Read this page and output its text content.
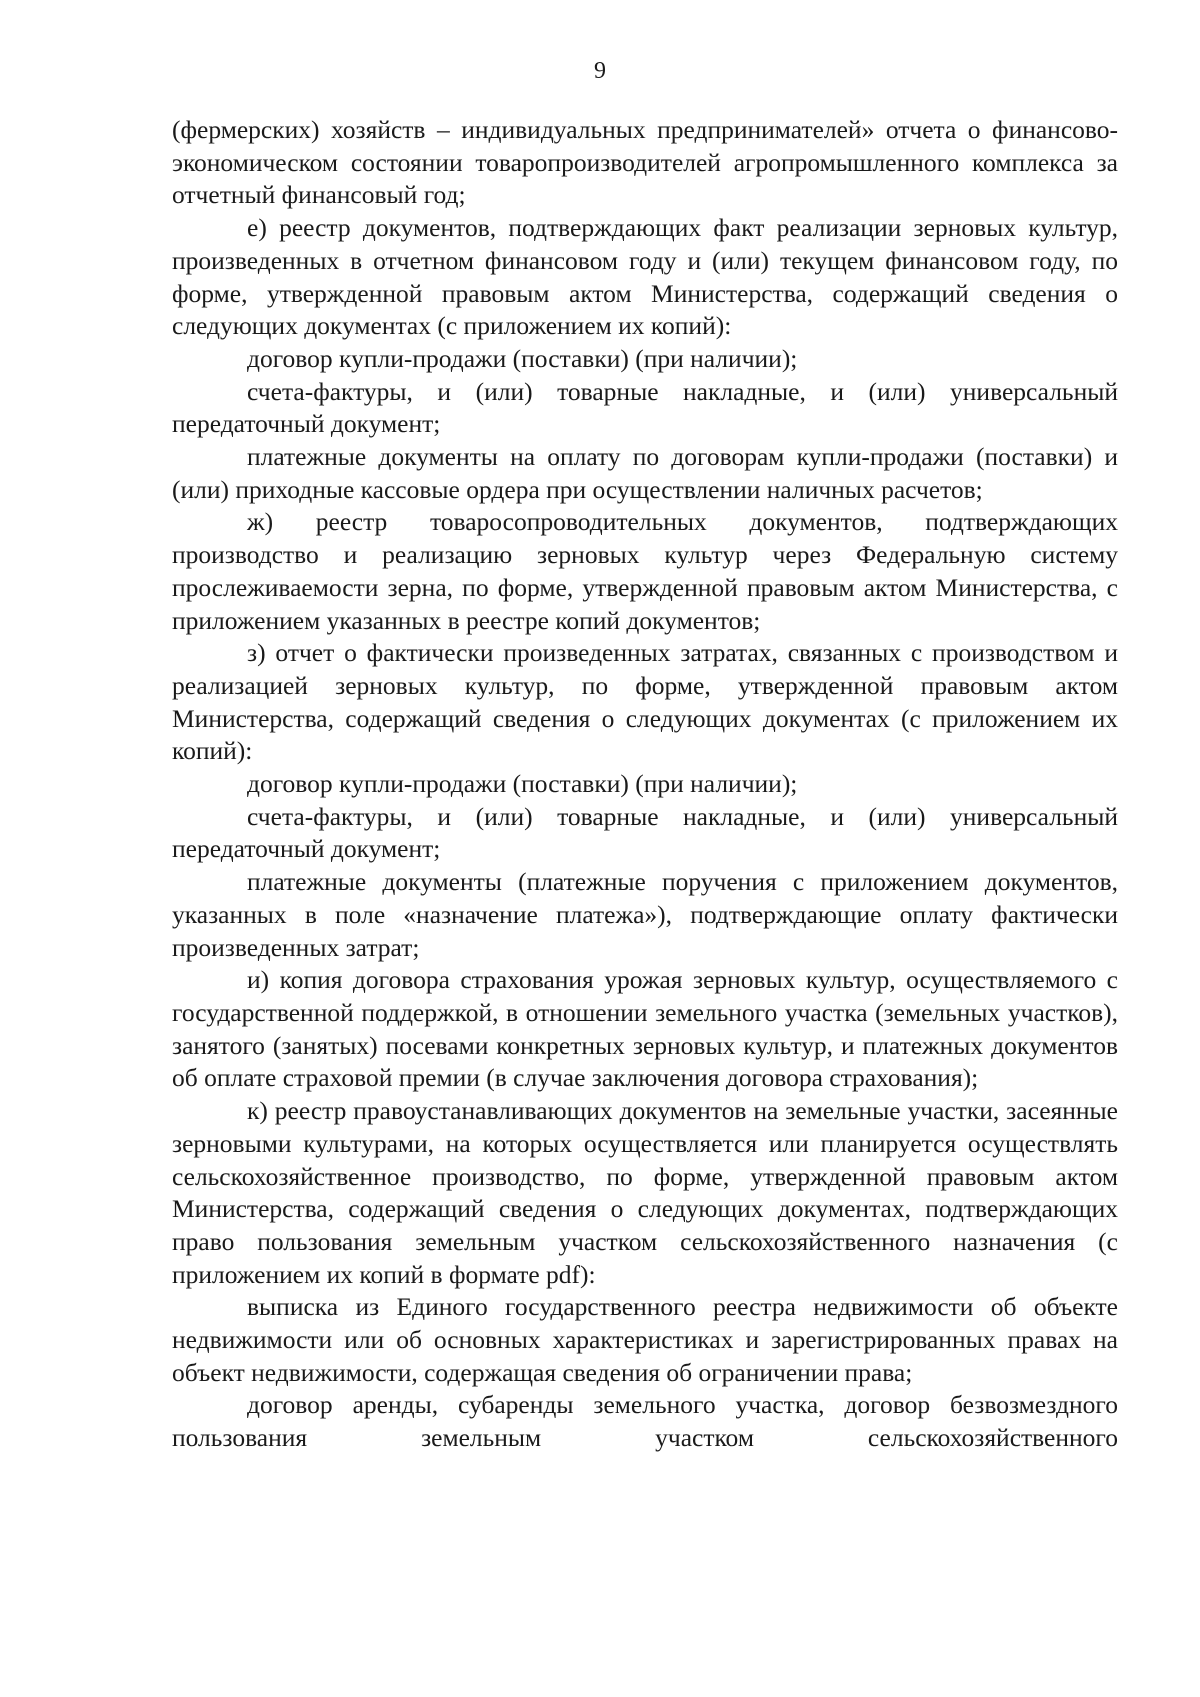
9

(фермерских) хозяйств – индивидуальных предпринимателей» отчета о финансово-экономическом состоянии товаропроизводителей агропромышленного комплекса за отчетный финансовый год;

е) реестр документов, подтверждающих факт реализации зерновых культур, произведенных в отчетном финансовом году и (или) текущем финансовом году, по форме, утвержденной правовым актом Министерства, содержащий сведения о следующих документах (с приложением их копий):

договор купли-продажи (поставки) (при наличии);

счета-фактуры, и (или) товарные накладные, и (или) универсальный передаточный документ;

платежные документы на оплату по договорам купли-продажи (поставки) и (или) приходные кассовые ордера при осуществлении наличных расчетов;

ж) реестр товаросопроводительных документов, подтверждающих производство и реализацию зерновых культур через Федеральную систему прослеживаемости зерна, по форме, утвержденной правовым актом Министерства, с приложением указанных в реестре копий документов;

з) отчет о фактически произведенных затратах, связанных с производством и реализацией зерновых культур, по форме, утвержденной правовым актом Министерства, содержащий сведения о следующих документах (с приложением их копий):

договор купли-продажи (поставки) (при наличии);

счета-фактуры, и (или) товарные накладные, и (или) универсальный передаточный документ;

платежные документы (платежные поручения с приложением документов, указанных в поле «назначение платежа»), подтверждающие оплату фактически произведенных затрат;

и) копия договора страхования урожая зерновых культур, осуществляемого с государственной поддержкой, в отношении земельного участка (земельных участков), занятого (занятых) посевами конкретных зерновых культур, и платежных документов об оплате страховой премии (в случае заключения договора страхования);

к) реестр правоустанавливающих документов на земельные участки, засеянные зерновыми культурами, на которых осуществляется или планируется осуществлять сельскохозяйственное производство, по форме, утвержденной правовым актом Министерства, содержащий сведения о следующих документах, подтверждающих право пользования земельным участком сельскохозяйственного назначения (с приложением их копий в формате pdf):

выписка из Единого государственного реестра недвижимости об объекте недвижимости или об основных характеристиках и зарегистрированных правах на объект недвижимости, содержащая сведения об ограничении права;

договор аренды, субаренды земельного участка, договор безвозмездного пользования земельным участком сельскохозяйственного
